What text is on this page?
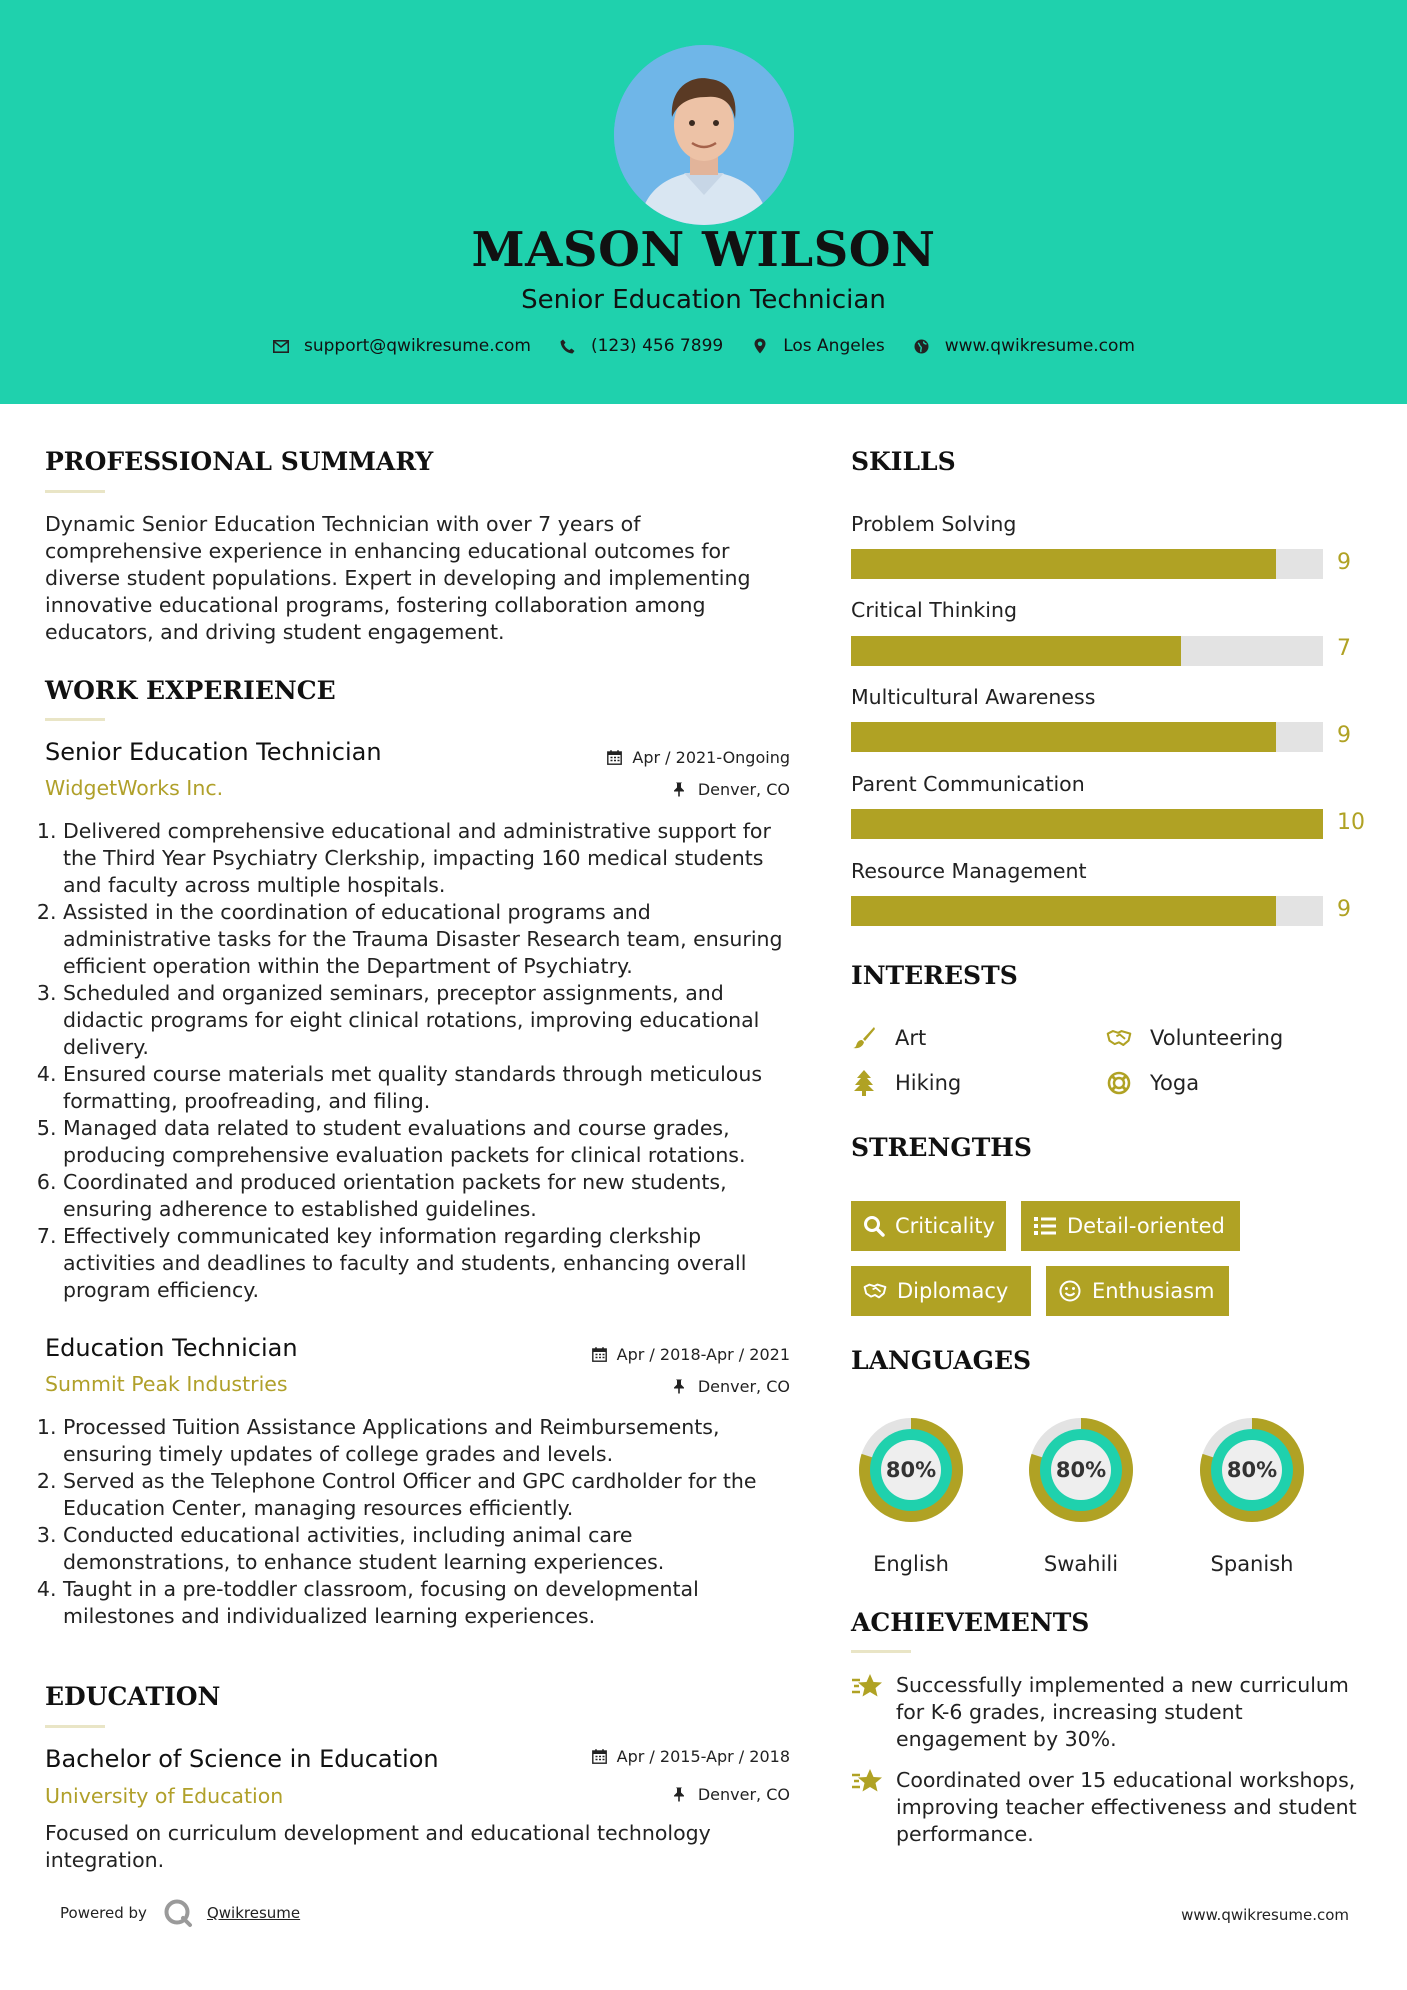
MASON WILSON
Senior Education Technician
support@qwikresume.com	(123) 456 7899	Los Angeles	www.qwikresume.com
PROFESSIONAL SUMMARY
Dynamic Senior Education Technician with over 7 years of comprehensive experience in enhancing educational outcomes for diverse student populations. Expert in developing and implementing innovative educational programs, fostering collaboration among educators, and driving student engagement.
WORK EXPERIENCE
Senior Education Technician	Apr / 2021-Ongoing
WidgetWorks Inc.	Denver, CO
1. Delivered comprehensive educational and administrative support for the Third Year Psychiatry Clerkship, impacting 160 medical students and faculty across multiple hospitals.
2. Assisted in the coordination of educational programs and administrative tasks for the Trauma Disaster Research team, ensuring efficient operation within the Department of Psychiatry.
3. Scheduled and organized seminars, preceptor assignments, and didactic programs for eight clinical rotations, improving educational delivery.
4. Ensured course materials met quality standards through meticulous formatting, proofreading, and filing.
5. Managed data related to student evaluations and course grades, producing comprehensive evaluation packets for clinical rotations.
6. Coordinated and produced orientation packets for new students, ensuring adherence to established guidelines.
7. Effectively communicated key information regarding clerkship activities and deadlines to faculty and students, enhancing overall program efficiency.
Education Technician	Apr / 2018-Apr / 2021
Summit Peak Industries	Denver, CO
1. Processed Tuition Assistance Applications and Reimbursements, ensuring timely updates of college grades and levels.
2. Served as the Telephone Control Officer and GPC cardholder for the Education Center, managing resources efficiently.
3. Conducted educational activities, including animal care demonstrations, to enhance student learning experiences.
4. Taught in a pre-toddler classroom, focusing on developmental milestones and individualized learning experiences.
EDUCATION
Bachelor of Science in Education	Apr / 2015-Apr / 2018
University of Education	Denver, CO
Focused on curriculum development and educational technology integration.
SKILLS
Problem Solving
9
Critical Thinking
7
Multicultural Awareness
9
Parent Communication
10
Resource Management
9
INTERESTS
Art	Volunteering
Hiking	Yoga
STRENGTHS
Criticality	Detail-oriented
Diplomacy	Enthusiasm
LANGUAGES
80%
English
80%
Swahili
80%
Spanish
ACHIEVEMENTS
Successfully implemented a new curriculum for K-6 grades, increasing student engagement by 30%.
Coordinated over 15 educational workshops, improving teacher effectiveness and student performance.
Powered by	Qwikresume	www.qwikresume.com
